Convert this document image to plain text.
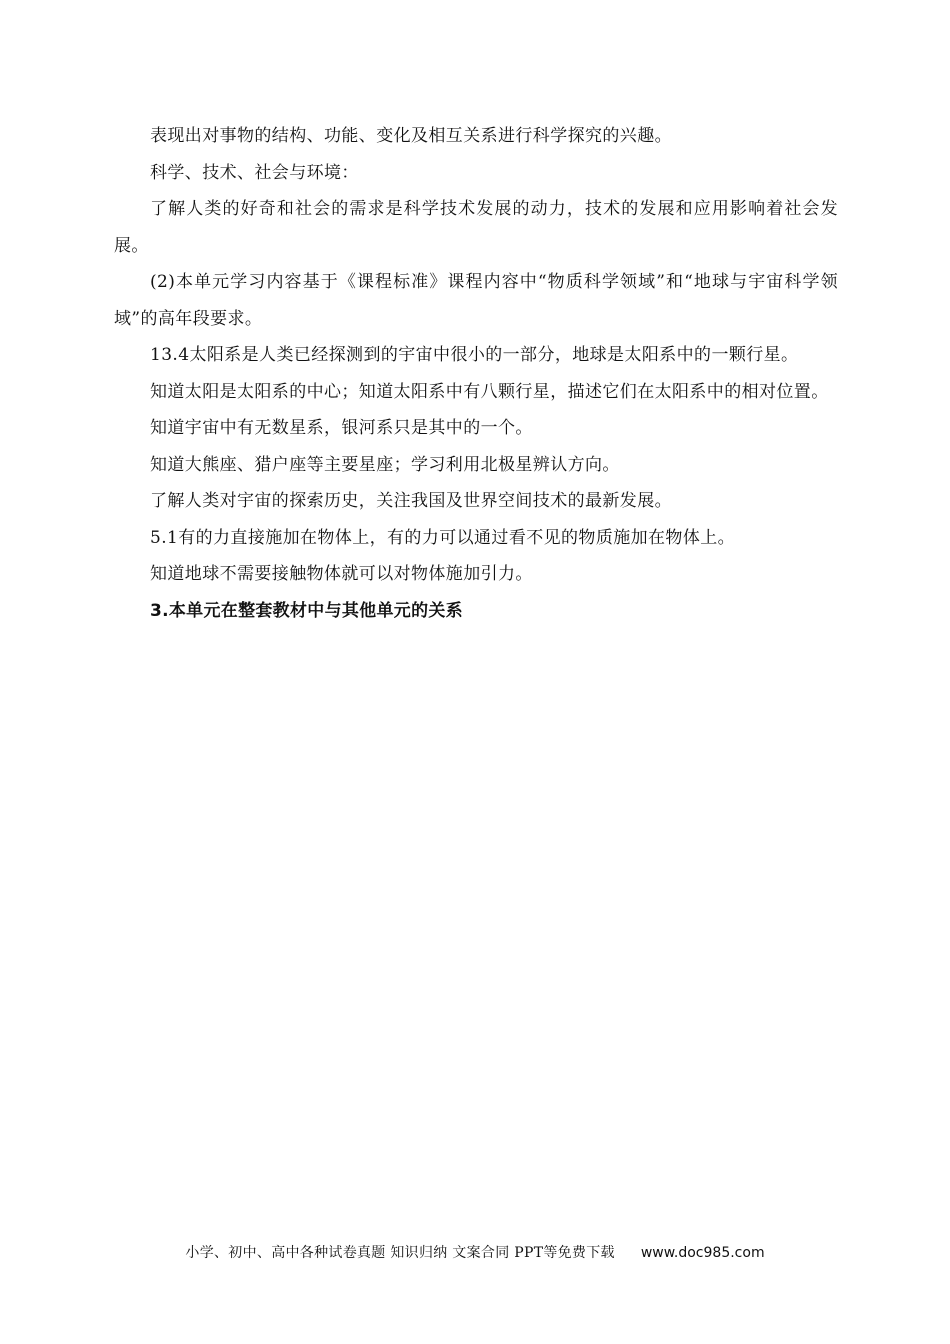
表现出对事物的结构、功能、变化及相互关系进行科学探究的兴趣。

科学、技术、社会与环境：

了解人类的好奇和社会的需求是科学技术发展的动力，技术的发展和应用影响着社会发展。

(2)本单元学习内容基于《课程标准》课程内容中“物质科学领域”和“地球与宇宙科学领域”的高年段要求。

13.4太阳系是人类已经探测到的宇宙中很小的一部分，地球是太阳系中的一颗行星。

知道太阳是太阳系的中心；知道太阳系中有八颗行星，描述它们在太阳系中的相对位置。

知道宇宙中有无数星系，银河系只是其中的一个。

知道大熊座、猎户座等主要星座；学习利用北极星辨认方向。

了解人类对宇宙的探索历史，关注我国及世界空间技术的最新发展。

5.1有的力直接施加在物体上，有的力可以通过看不见的物质施加在物体上。

知道地球不需要接触物体就可以对物体施加引力。

3.本单元在整套教材中与其他单元的关系

小学、初中、高中各种试卷真题 知识归纳 文案合同 PPT等免费下载 www.doc985.com
